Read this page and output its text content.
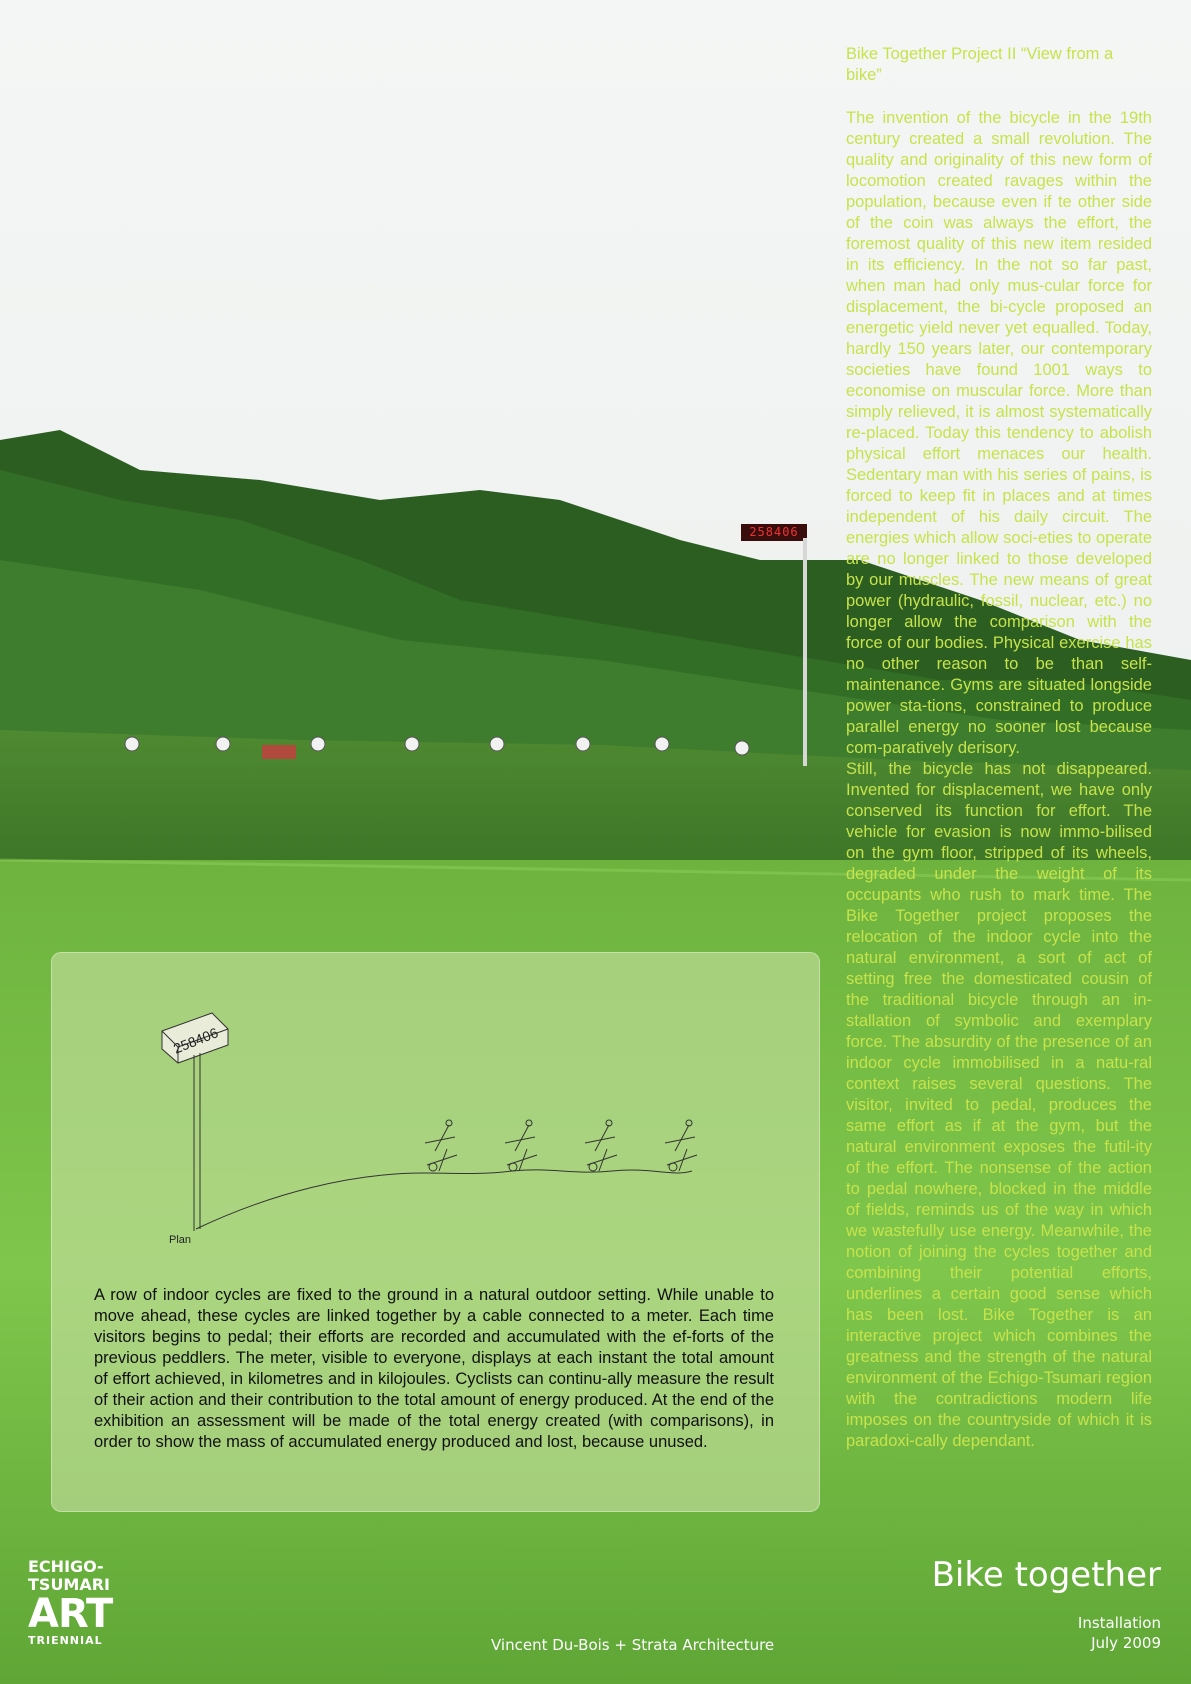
258406
Bike Together Project II “View from a bike”

The invention of the bicycle in the 19th century created a small revolution. The quality and originality of this new form of locomotion created ravages within the population, because even if te other side of the coin was always the effort, the foremost quality of this new item resided in its efficiency. In the not so far past, when man had only mus-cular force for displacement, the bi-cycle proposed an energetic yield never yet equalled. Today, hardly 150 years later, our contemporary societies have found 1001 ways to economise on muscular force. More than simply relieved, it is almost systematically re-placed. Today this tendency to abolish physical effort menaces our health. Sedentary man with his series of pains, is forced to keep fit in places and at times independent of his daily circuit. The energies which allow soci-eties to operate are no longer linked to those developed by our muscles. The new means of great power (hydraulic, fossil, nuclear, etc.) no longer allow the comparison with the force of our bodies. Physical exercise has no other reason to be than self-maintenance. Gyms are situated longside power sta-tions, constrained to produce parallel energy no sooner lost because com-paratively derisory.

Still, the bicycle has not disappeared. Invented for displacement, we have only conserved its function for effort. The vehicle for evasion is now immo-bilised on the gym floor, stripped of its wheels, degraded under the weight of its occupants who rush to mark time. The Bike Together project proposes the relocation of the indoor cycle into the natural environment, a sort of act of setting free the domesticated cousin of the traditional bicycle through an in-stallation of symbolic and exemplary force. The absurdity of the presence of an indoor cycle immobilised in a natu-ral context raises several questions. The visitor, invited to pedal, produces the same effort as if at the gym, but the natural environment exposes the futil-ity of the effort. The nonsense of the action to pedal nowhere, blocked in the middle of fields, reminds us of the way in which we wastefully use energy. Meanwhile, the notion of joining the cycles together and combining their potential efforts, underlines a certain good sense which has been lost. Bike Together is an interactive project which combines the greatness and the strength of the natural environment of the Echigo-Tsumari region with the contradictions modern life imposes on the countryside of which it is paradoxi-cally dependant.

258406
Plan

A row of indoor cycles are fixed to the ground in a natural outdoor setting. While unable to move ahead, these cycles are linked together by a cable connected to a meter. Each time visitors begins to pedal; their efforts are recorded and accumulated with the ef-forts of the previous peddlers. The meter, visible to everyone, displays at each instant the total amount of effort achieved, in kilometres and in kilojoules. Cyclists can continu-ally measure the result of their action and their contribution to the total amount of energy produced. At the end of the exhibition an assessment will be made of the total energy created (with comparisons), in order to show the mass of accumulated energy produced and lost, because unused.

ECHIGO-
TSUMARI
ART
TRIENNIAL
Bike together
Installation
July 2009
Vincent Du-Bois + Strata Architecture
